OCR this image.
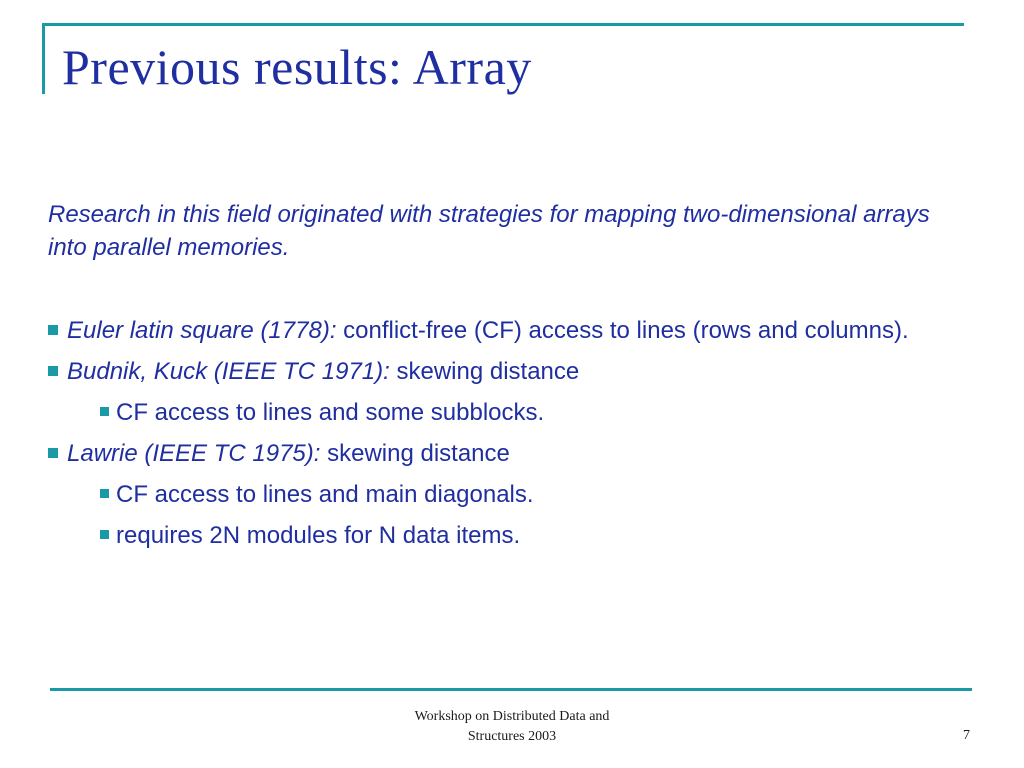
Previous results: Array

Research in this field originated with strategies for mapping two-dimensional arrays into parallel memories.

Euler latin square (1778): conflict-free (CF) access to lines (rows and columns).
Budnik, Kuck (IEEE TC 1971): skewing distance
CF access to lines and some subblocks.
Lawrie (IEEE TC 1975): skewing distance
CF access to lines and main diagonals.
requires 2N modules for N data items.
Workshop on Distributed Data and
Structures 2003	7
